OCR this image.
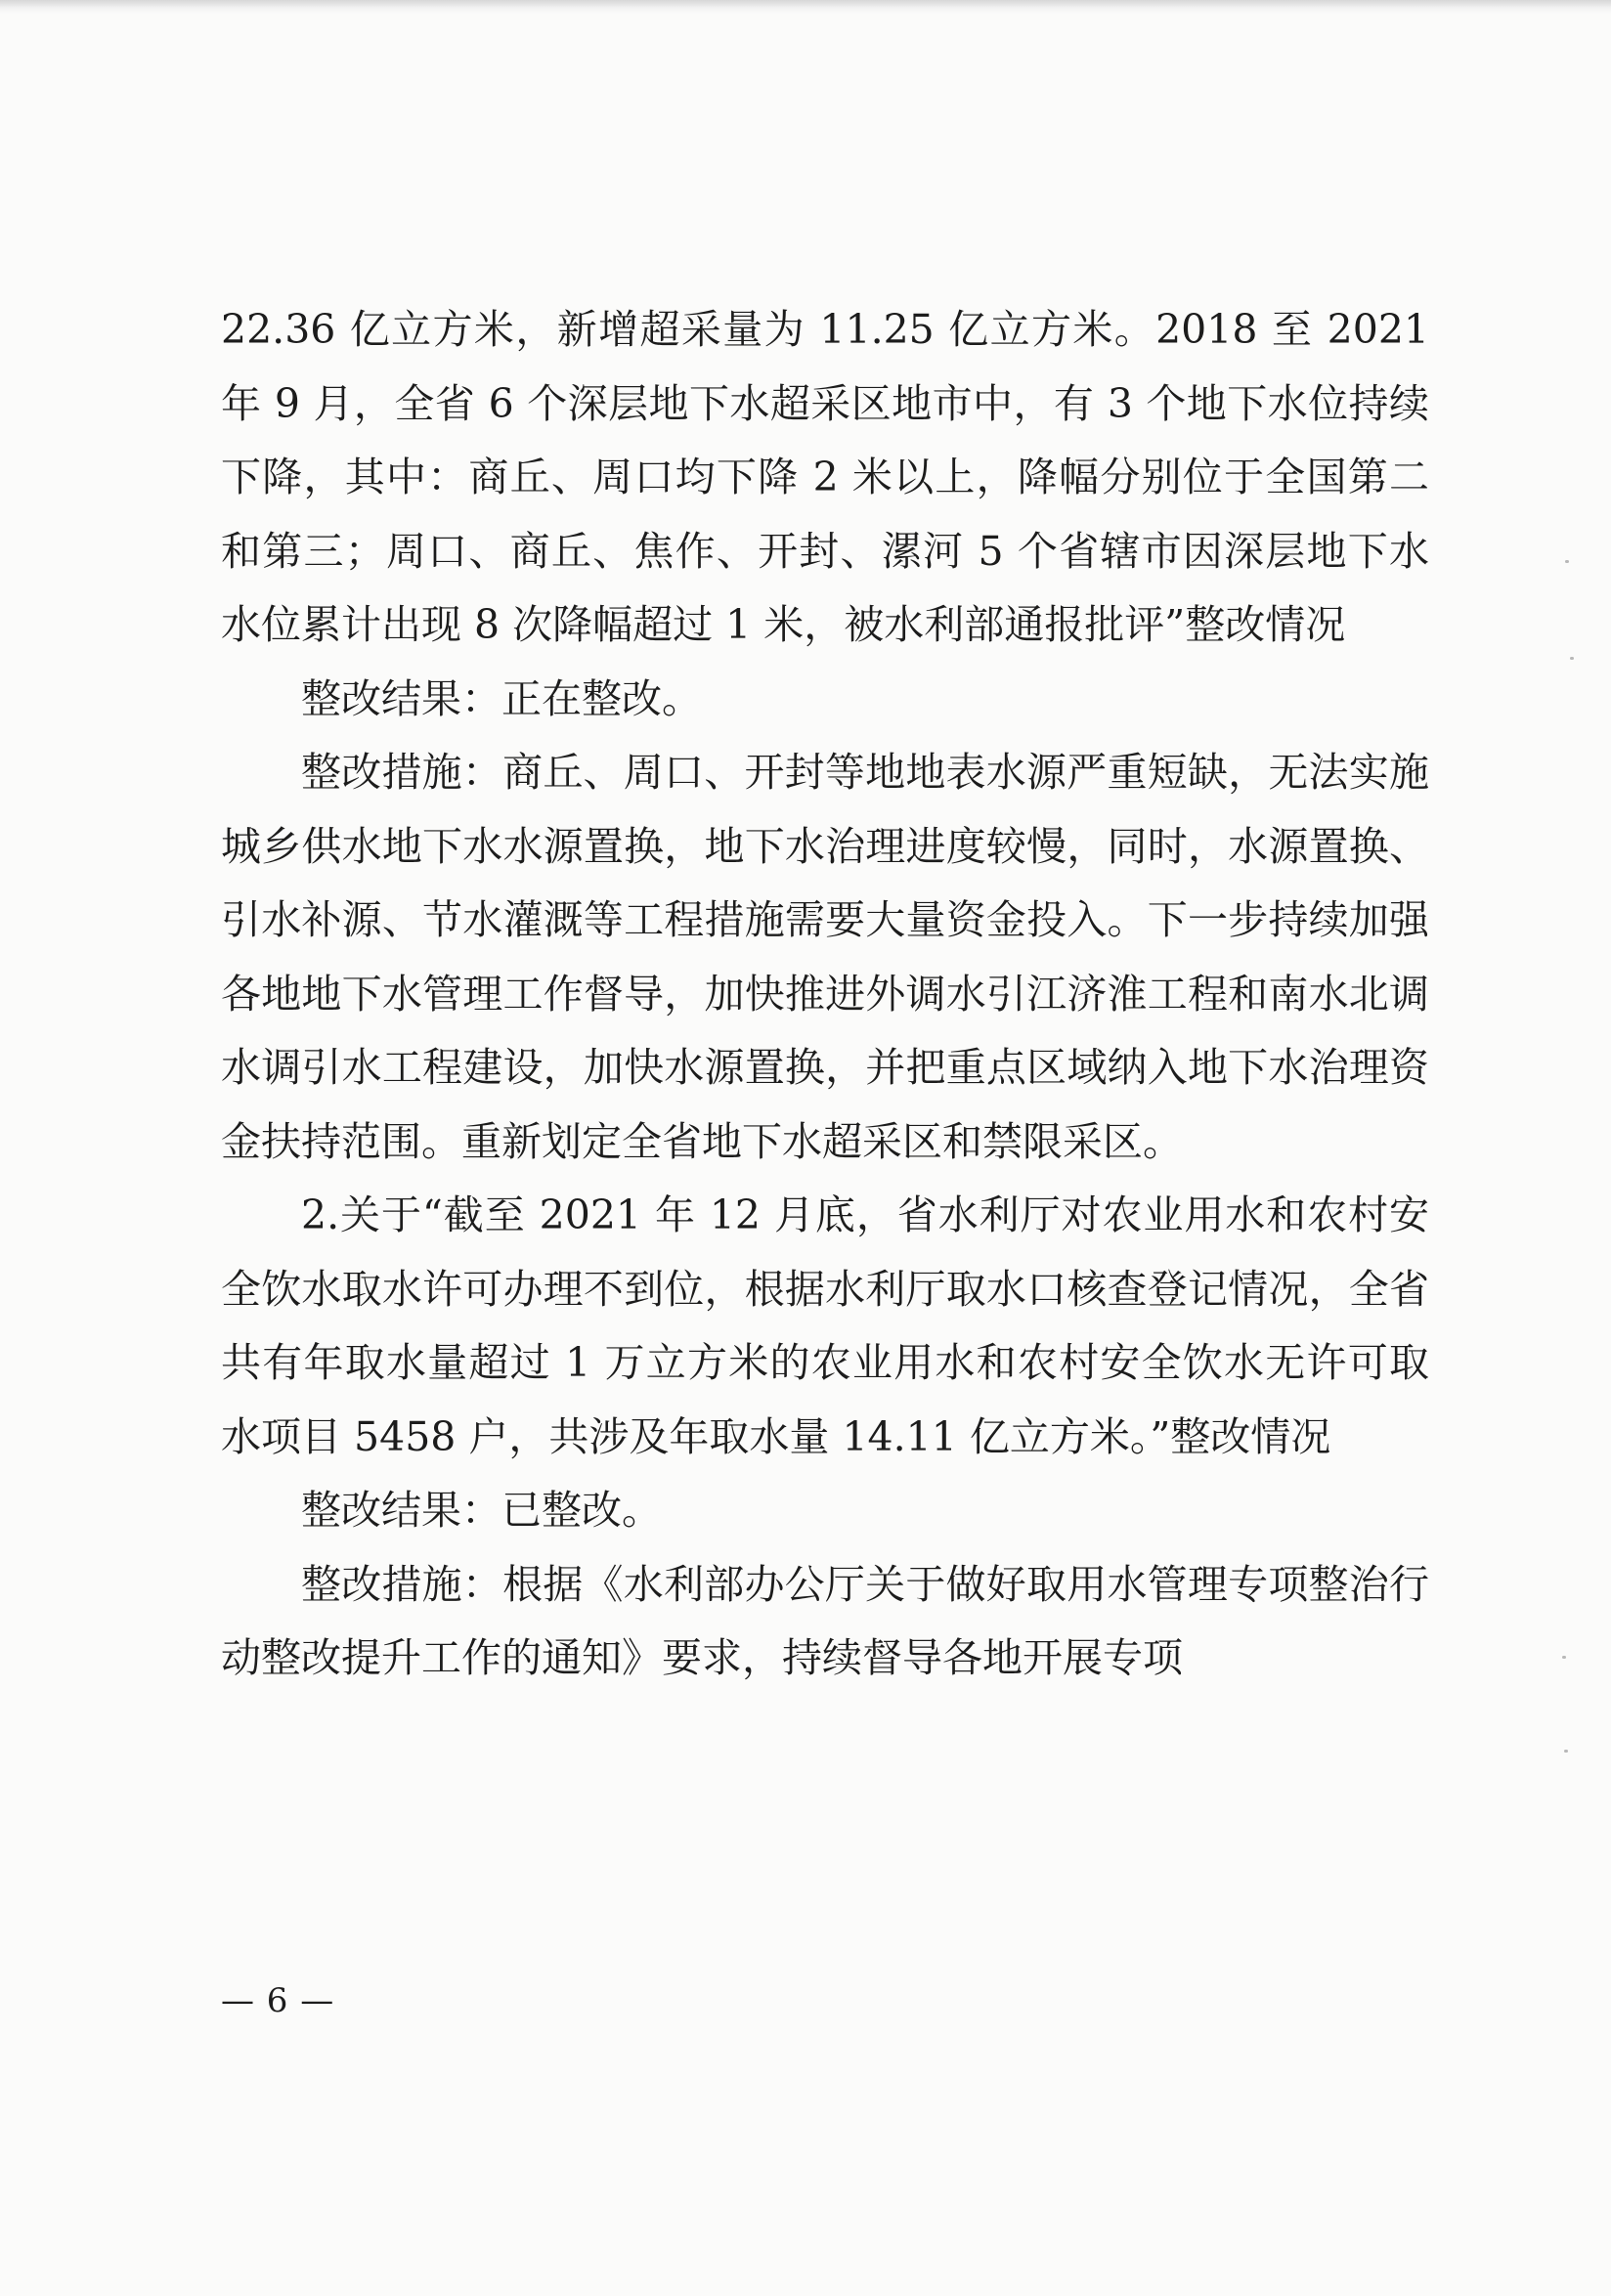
22.36 亿立方米，新增超采量为 11.25 亿立方米。2018 至 2021 年 9 月，全省 6 个深层地下水超采区地市中，有 3 个地下水位持续下降，其中：商丘、周口均下降 2 米以上，降幅分别位于全国第二和第三；周口、商丘、焦作、开封、漯河 5 个省辖市因深层地下水水位累计出现 8 次降幅超过 1 米，被水利部通报批评”整改情况

整改结果：正在整改。

整改措施：商丘、周口、开封等地地表水源严重短缺，无法实施城乡供水地下水水源置换，地下水治理进度较慢，同时，水源置换、引水补源、节水灌溉等工程措施需要大量资金投入。下一步持续加强各地地下水管理工作督导，加快推进外调水引江济淮工程和南水北调水调引水工程建设，加快水源置换，并把重点区域纳入地下水治理资金扶持范围。重新划定全省地下水超采区和禁限采区。

2.关于“截至 2021 年 12 月底，省水利厅对农业用水和农村安全饮水取水许可办理不到位，根据水利厅取水口核查登记情况，全省共有年取水量超过 1 万立方米的农业用水和农村安全饮水无许可取水项目 5458 户，共涉及年取水量 14.11 亿立方米。”整改情况

整改结果：已整改。

整改措施：根据《水利部办公厅关于做好取用水管理专项整治行动整改提升工作的通知》要求，持续督导各地开展专项

— 6 —
